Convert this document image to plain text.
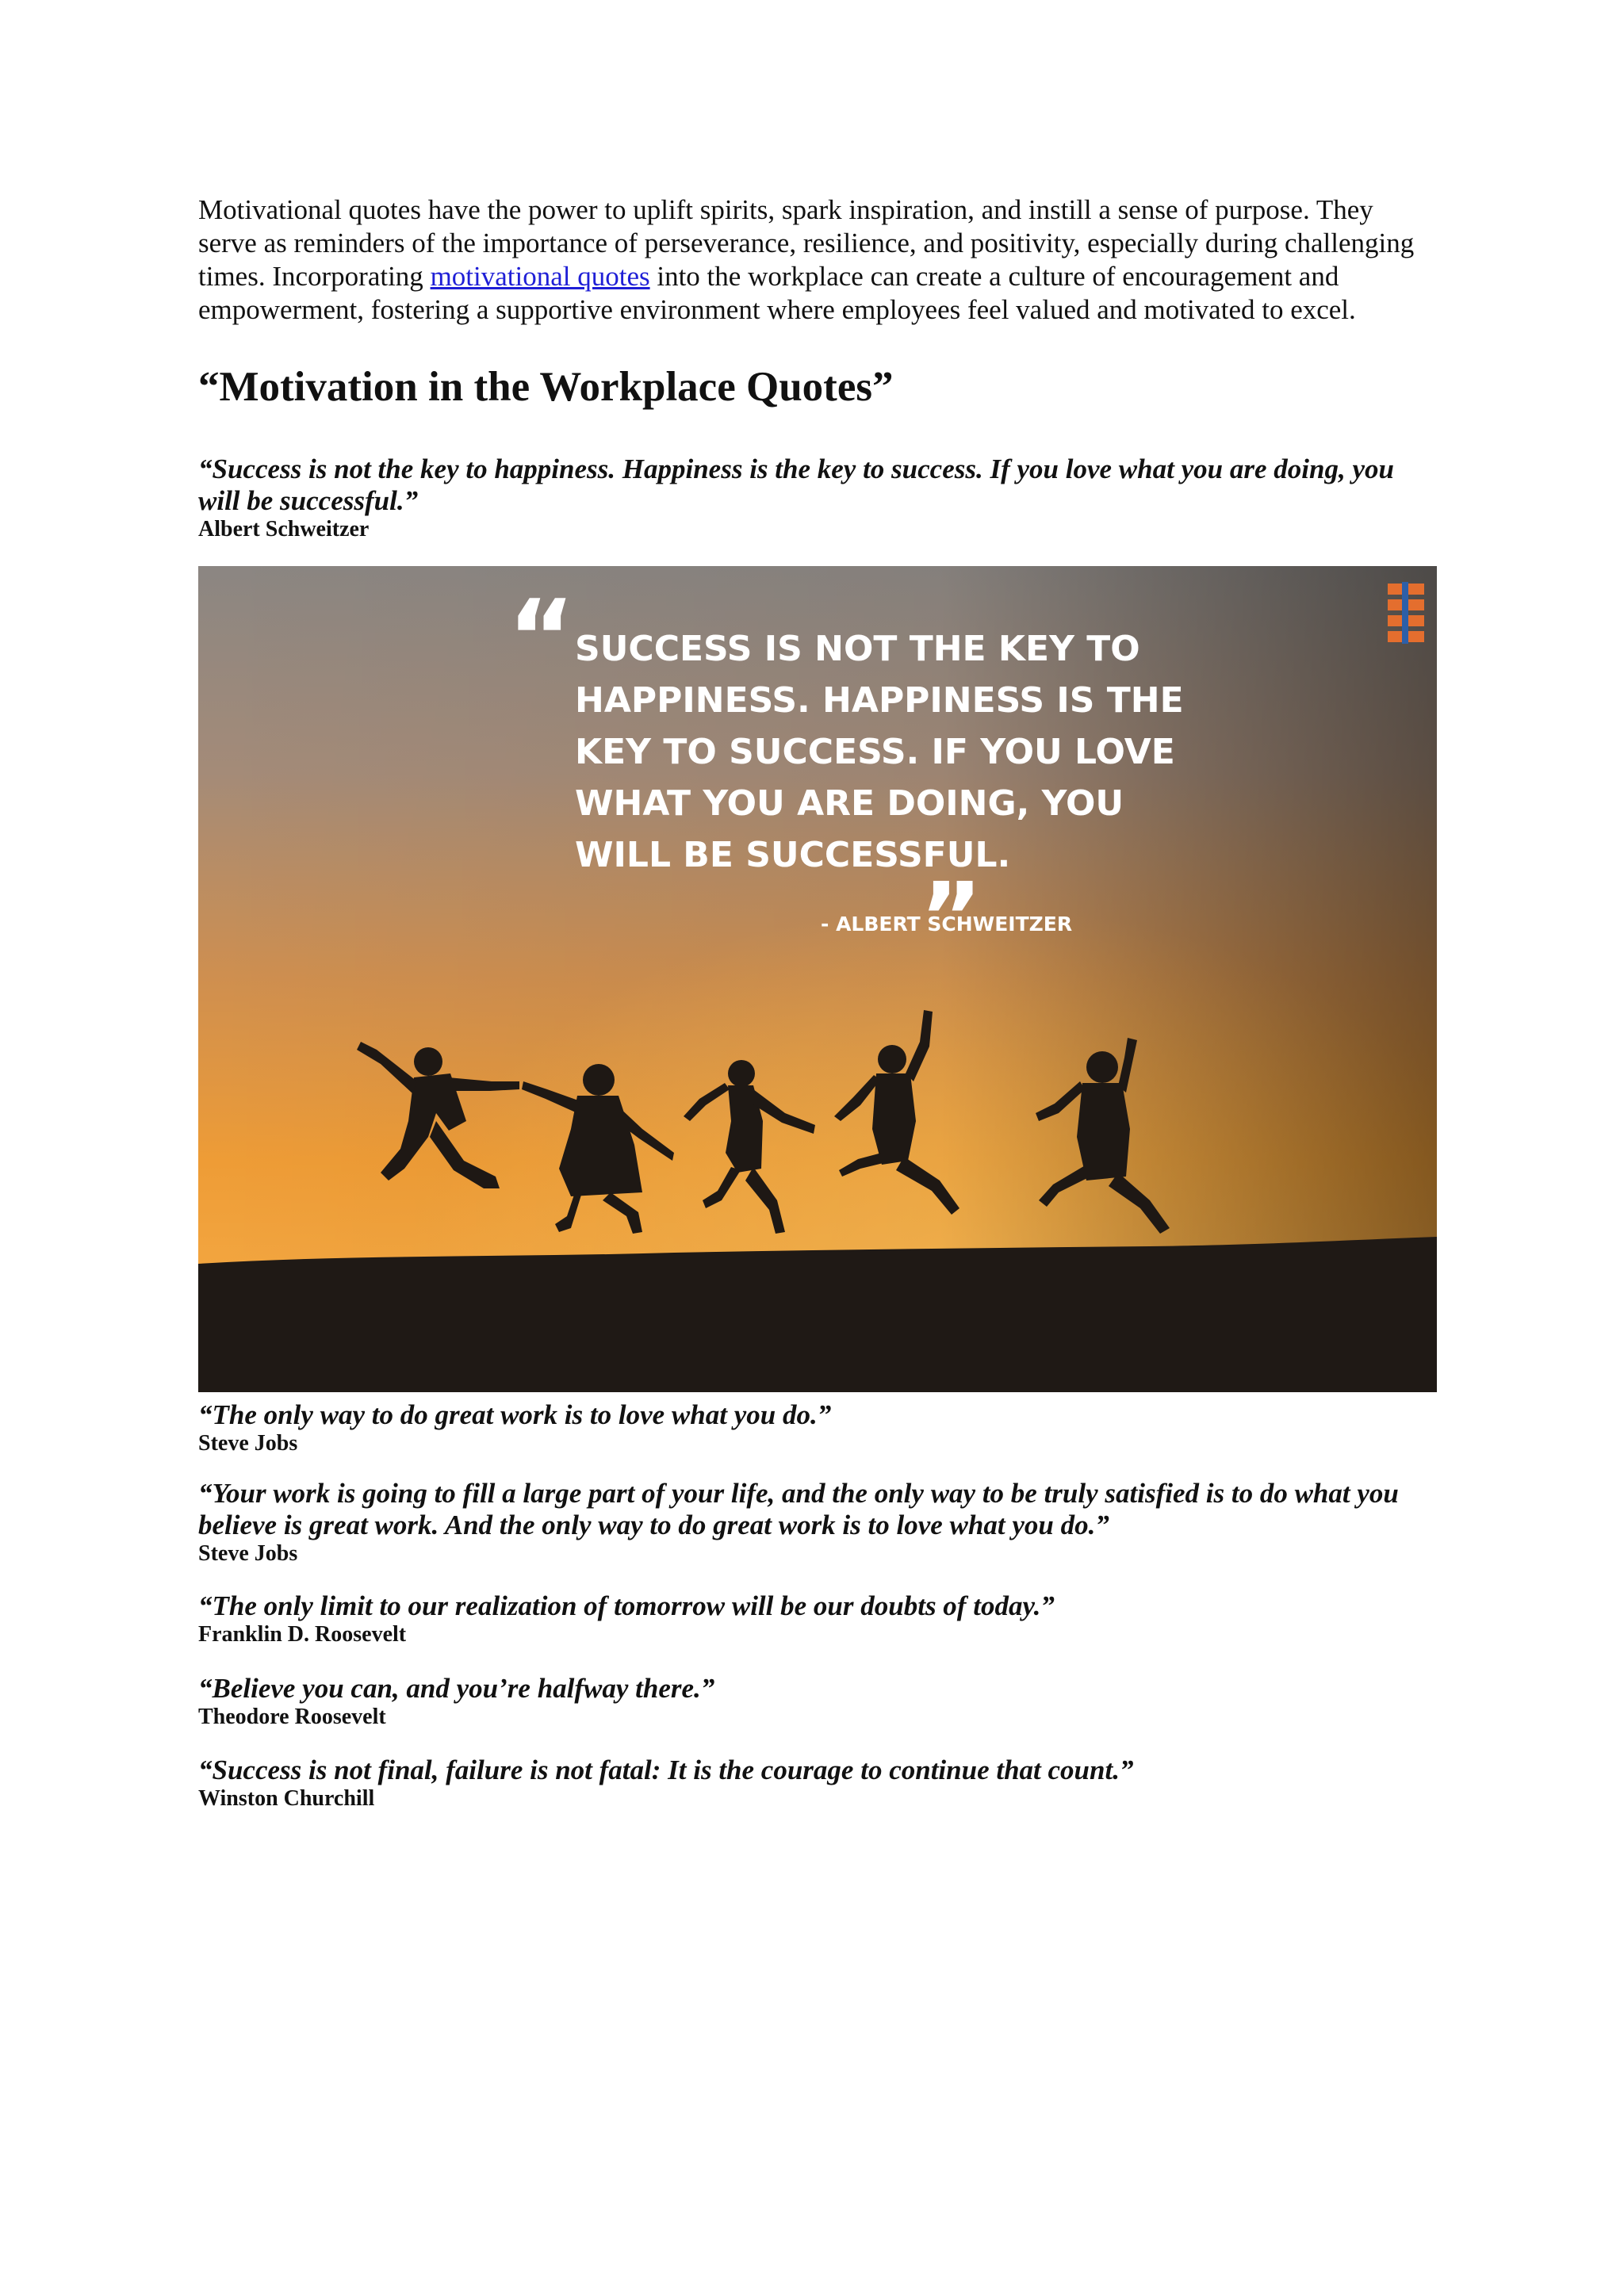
Motivational quotes have the power to uplift spirits, spark inspiration, and instill a sense of purpose. They serve as reminders of the importance of perseverance, resilience, and positivity, especially during challenging times. Incorporating motivational quotes into the workplace can create a culture of encouragement and empowerment, fostering a supportive environment where employees feel valued and motivated to excel.

“Motivation in the Workplace Quotes”

“Success is not the key to happiness. Happiness is the key to success. If you love what you are doing, you will be successful.”

Albert Schweitzer

“
”
SUCCESS IS NOT THE KEY TO
HAPPINESS. HAPPINESS IS THE
KEY TO SUCCESS. IF YOU LOVE
WHAT YOU ARE DOING, YOU
WILL BE SUCCESSFUL.
- ALBERT SCHWEITZER

“The only way to do great work is to love what you do.”

Steve Jobs

“Your work is going to fill a large part of your life, and the only way to be truly satisfied is to do what you believe is great work. And the only way to do great work is to love what you do.”

Steve Jobs

“The only limit to our realization of tomorrow will be our doubts of today.”

Franklin D. Roosevelt

“Believe you can, and you’re halfway there.”

Theodore Roosevelt

“Success is not final, failure is not fatal: It is the courage to continue that count.”

Winston Churchill
